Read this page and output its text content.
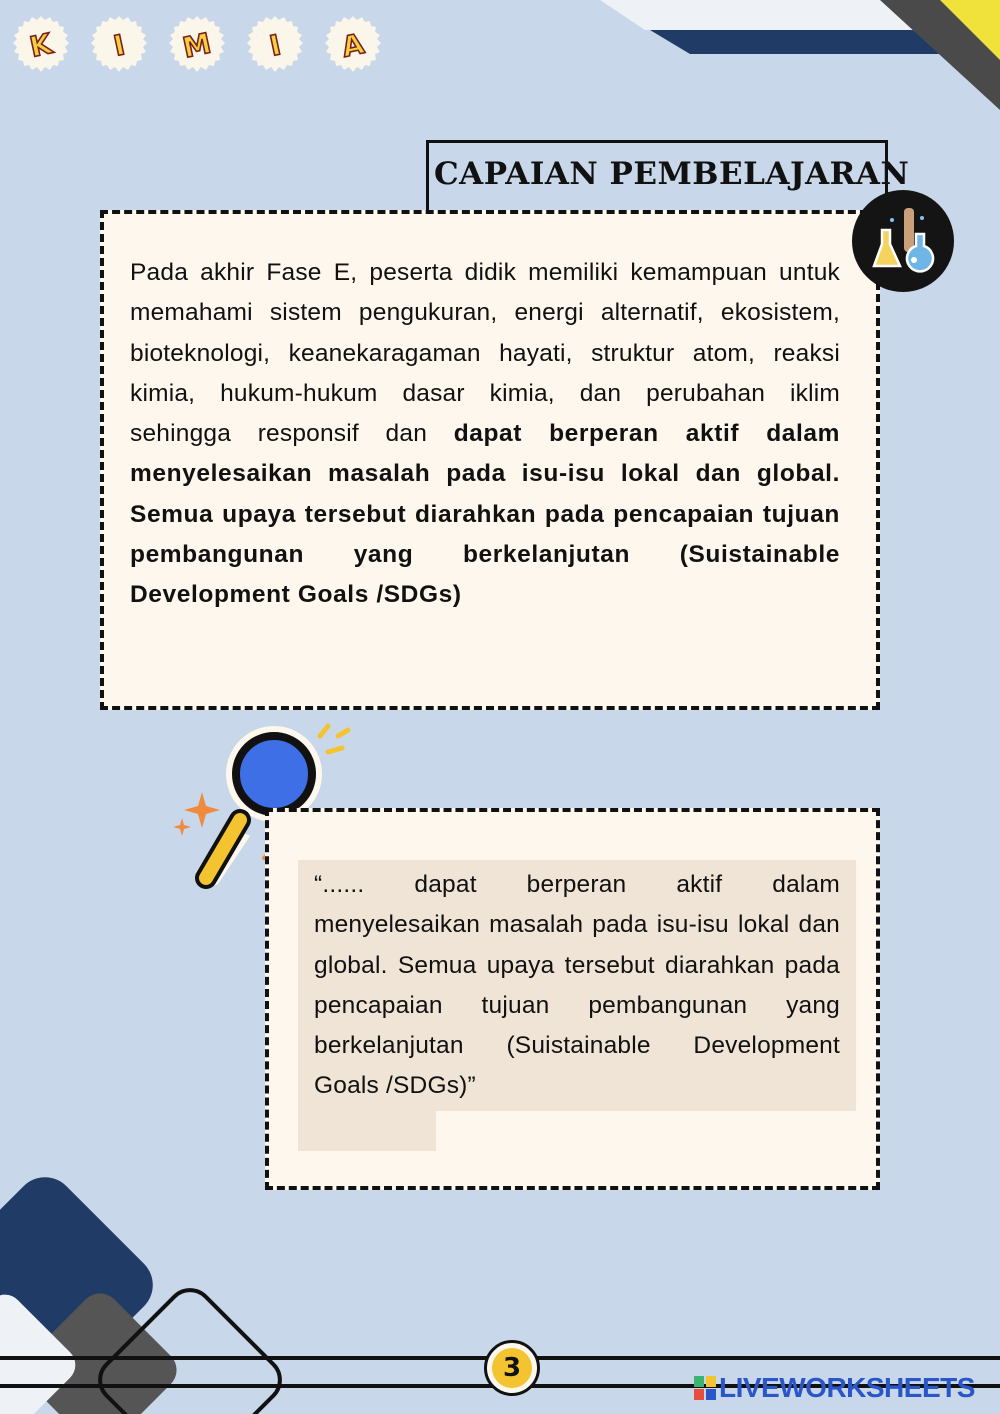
K I M I A
CAPAIAN PEMBELAJARAN
Pada akhir Fase E, peserta didik memiliki kemampuan untuk memahami sistem pengukuran, energi alternatif, ekosistem, bioteknologi, keanekaragaman hayati, struktur atom, reaksi kimia, hukum-hukum dasar kimia, dan perubahan iklim sehingga responsif dan dapat berperan aktif dalam menyelesaikan masalah pada isu-isu lokal dan global. Semua upaya tersebut diarahkan pada pencapaian tujuan pembangunan yang berkelanjutan (Suistainable Development Goals /SDGs)
“...... dapat berperan aktif dalam menyelesaikan masalah pada isu-isu lokal dan global. Semua upaya tersebut diarahkan pada pencapaian tujuan pembangunan yang berkelanjutan (Suistainable Development Goals /SDGs)”
3
LIVEWORKSHEETS
